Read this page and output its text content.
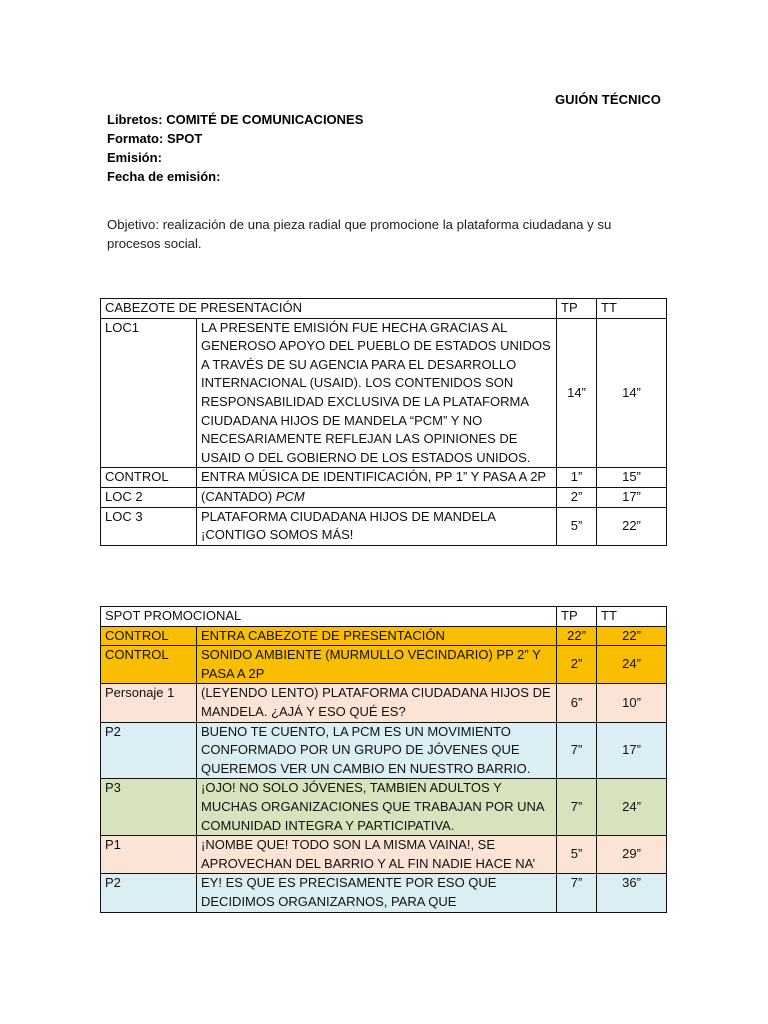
GUIÓN TÉCNICO
Libretos: COMITÉ DE COMUNICACIONES
Formato: SPOT
Emisión:
Fecha de emisión:
Objetivo: realización de una pieza radial que promocione la plataforma ciudadana y su procesos social.
CABEZOTE DE PRESENTACIÓN		TP	TT
LOC1	LA PRESENTE EMISIÓN FUE HECHA GRACIAS AL GENEROSO APOYO DEL PUEBLO DE ESTADOS UNIDOS A TRAVÉS DE SU AGENCIA PARA EL DESARROLLO INTERNACIONAL (USAID). LOS CONTENIDOS SON RESPONSABILIDAD EXCLUSIVA DE LA PLATAFORMA CIUDADANA HIJOS DE MANDELA “PCM” Y NO NECESARIAMENTE REFLEJAN LAS OPINIONES DE USAID O DEL GOBIERNO DE LOS ESTADOS UNIDOS.	14”	14”
CONTROL	ENTRA MÚSICA DE IDENTIFICACIÓN, PP 1” Y PASA A 2P	1”	15”
LOC 2	(CANTADO) PCM	2”	17”
LOC 3	PLATAFORMA CIUDADANA HIJOS DE MANDELA ¡CONTIGO SOMOS MÁS!	5”	22”
SPOT PROMOCIONAL		TP	TT
CONTROL	ENTRA CABEZOTE DE PRESENTACIÓN	22”	22”
CONTROL	SONIDO AMBIENTE (MURMULLO VECINDARIO) PP 2” Y PASA A 2P	2”	24”
Personaje 1	(LEYENDO LENTO) PLATAFORMA CIUDADANA HIJOS DE MANDELA. ¿AJÁ Y ESO QUÉ ES?	6”	10”
P2	BUENO TE CUENTO, LA PCM ES UN MOVIMIENTO CONFORMADO POR UN GRUPO DE JÓVENES QUE QUEREMOS VER UN CAMBIO EN NUESTRO BARRIO.	7”	17”
P3	¡OJO! NO SOLO JÓVENES, TAMBIEN ADULTOS Y MUCHAS ORGANIZACIONES QUE TRABAJAN POR UNA COMUNIDAD INTEGRA Y PARTICIPATIVA.	7”	24”
P1	¡NOMBE QUE! TODO SON LA MISMA VAINA!, SE APROVECHAN DEL BARRIO Y AL FIN NADIE HACE NA’	5”	29”
P2	EY! ES QUE ES PRECISAMENTE POR ESO QUE DECIDIMOS ORGANIZARNOS, PARA QUE	7”	36”
